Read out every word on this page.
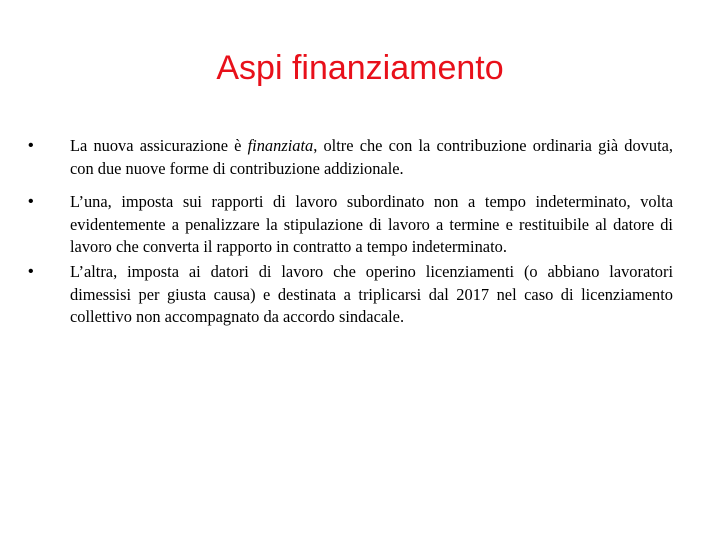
Aspi finanziamento
•	La nuova assicurazione è finanziata, oltre che con la contribuzione ordinaria già dovuta, con due nuove forme di contribuzione addizionale.
•	L’una, imposta sui rapporti di lavoro subordinato non a tempo indeterminato, volta evidentemente a penalizzare la stipulazione di lavoro a termine e restituibile al datore di lavoro che converta il rapporto in contratto a tempo indeterminato.
•	L’altra, imposta ai datori di lavoro che operino licenziamenti (o abbiano lavoratori dimessisi per giusta causa) e destinata a triplicarsi dal 2017 nel caso di licenziamento collettivo non accompagnato da accordo sindacale.
